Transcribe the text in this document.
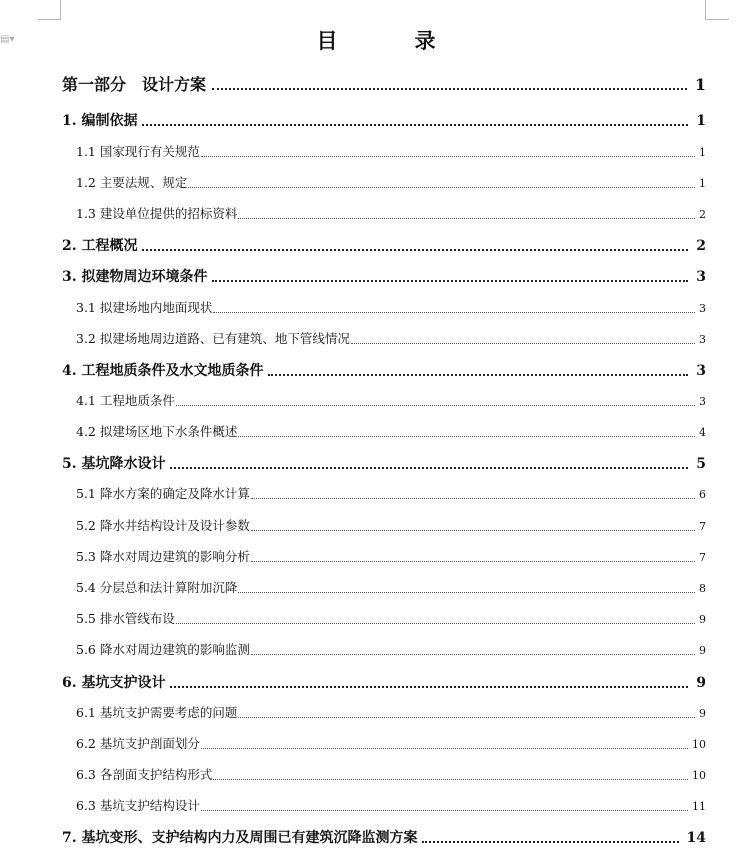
▤▾	目　录
第一部分　设计方案	1
1. 编制依据	1
1.1 国家现行有关规范	1
1.2 主要法规、规定	1
1.3 建设单位提供的招标资料	2
2. 工程概况	2
3. 拟建物周边环境条件	3
3.1 拟建场地内地面现状	3
3.2 拟建场地周边道路、已有建筑、地下管线情况	3
4. 工程地质条件及水文地质条件	3
4.1 工程地质条件	3
4.2 拟建场区地下水条件概述	4
5. 基坑降水设计	5
5.1 降水方案的确定及降水计算	6
5.2 降水井结构设计及设计参数	7
5.3 降水对周边建筑的影响分析	7
5.4 分层总和法计算附加沉降	8
5.5 排水管线布设	9
5.6 降水对周边建筑的影响监测	9
6. 基坑支护设计	9
6.1 基坑支护需要考虑的问题	9
6.2 基坑支护剖面划分	10
6.3 各剖面支护结构形式	10
6.3 基坑支护结构设计	11
7. 基坑变形、支护结构内力及周围已有建筑沉降监测方案	14
